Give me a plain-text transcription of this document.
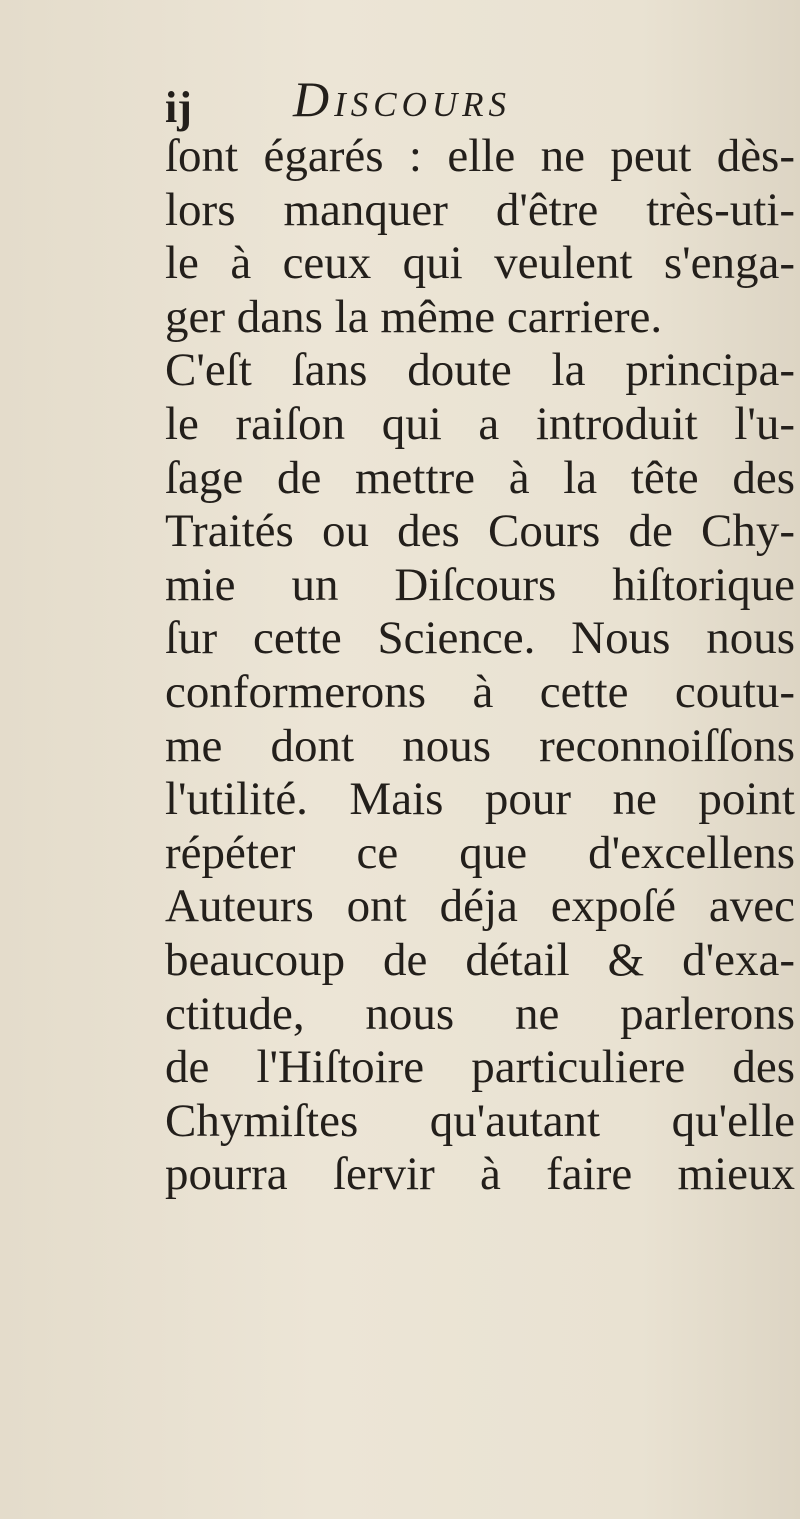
ij Discours
ſont égarés : elle ne peut dès-
lors manquer d'être très-uti-
le à ceux qui veulent s'enga-
ger dans la même carriere.
C'eſt ſans doute la principa-
le raiſon qui a introduit l'u-
ſage de mettre à la tête des
Traités ou des Cours de Chy-
mie un Diſcours hiſtorique
ſur cette Science. Nous nous
conformerons à cette coutu-
me dont nous reconnoiſſons
l'utilité. Mais pour ne point
répéter ce que d'excellens
Auteurs ont déja expoſé avec
beaucoup de détail & d'exa-
ctitude, nous ne parlerons
de l'Hiſtoire particuliere des
Chymiſtes qu'autant qu'elle
pourra ſervir à faire mieux
